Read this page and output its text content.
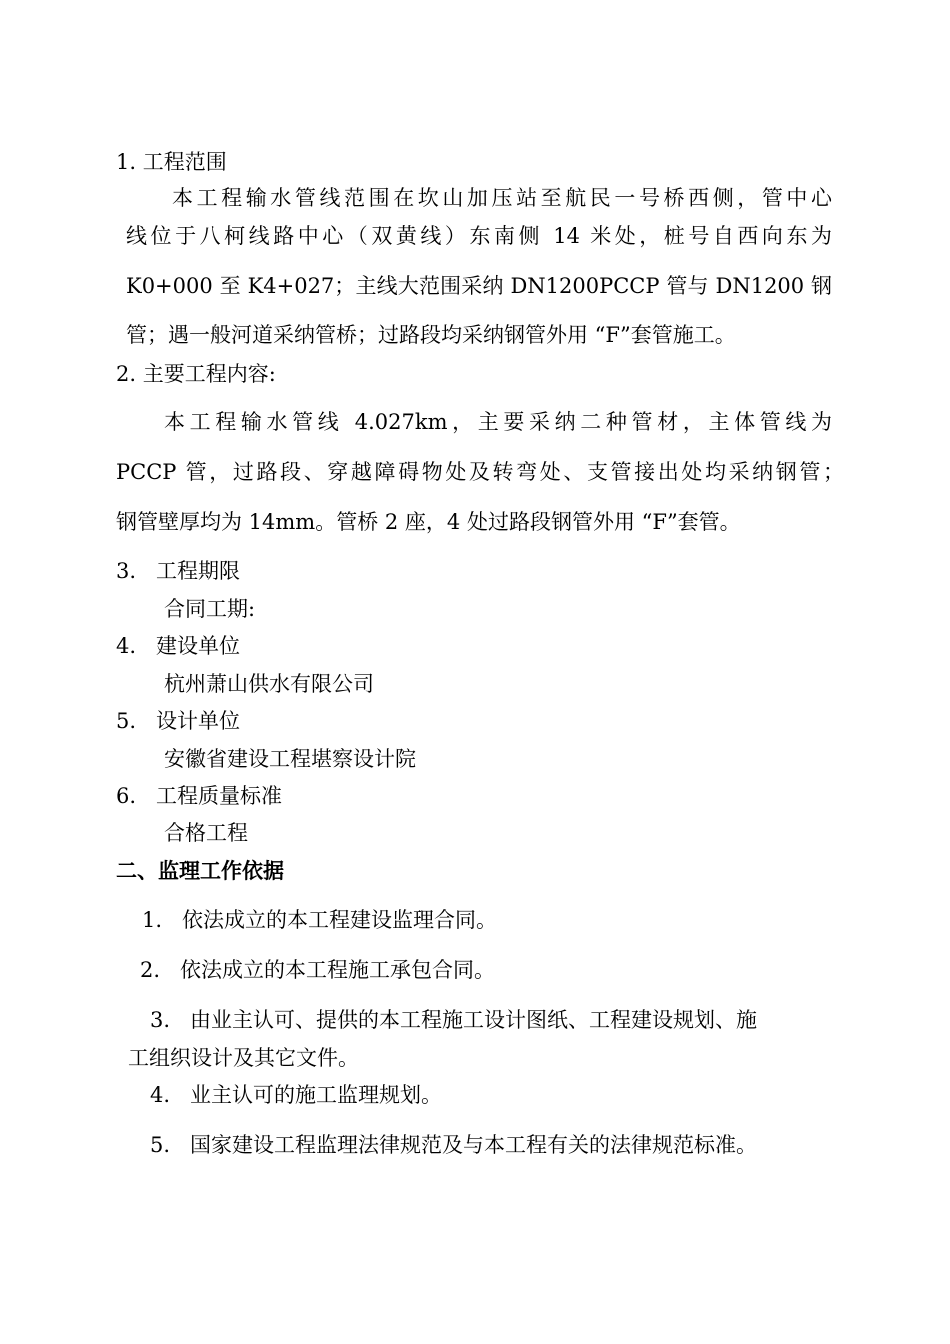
1. 工程范围
本工程输水管线范围在坎山加压站至航民一号桥西侧，管中心
线位于八柯线路中心（双黄线）东南侧 14 米处，桩号自西向东为
K0+000 至 K4+027；主线大范围采纳 DN1200PCCP 管与 DN1200 钢
管；遇一般河道采纳管桥；过路段均采纳钢管外用 “F”套管施工。
2. 主要工程内容:
本工程输水管线 4.027km，主要采纳二种管材，主体管线为
PCCP 管，过路段、穿越障碍物处及转弯处、支管接出处均采纳钢管；
钢管壁厚均为 14mm。管桥 2 座，4 处过路段钢管外用 “F”套管。
3.   工程期限
合同工期:
4.   建设单位
杭州萧山供水有限公司
5.   设计单位
安徽省建设工程堪察设计院
6.   工程质量标准
合格工程
二、监理工作依据
1.   依法成立的本工程建设监理合同。
2.   依法成立的本工程施工承包合同。
3.   由业主认可、提供的本工程施工设计图纸、工程建设规划、施
工组织设计及其它文件。
4.   业主认可的施工监理规划。
5.   国家建设工程监理法律规范及与本工程有关的法律规范标准。
